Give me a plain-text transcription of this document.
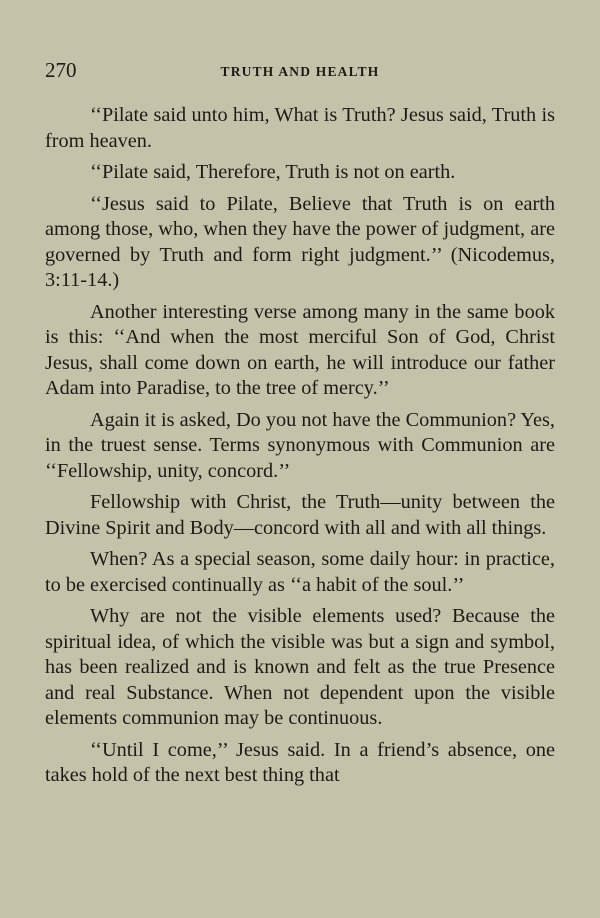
270	TRUTH AND HEALTH

‘‘Pilate said unto him, What is Truth? Jesus said, Truth is from heaven.

‘‘Pilate said, Therefore, Truth is not on earth.

‘‘Jesus said to Pilate, Believe that Truth is on earth among those, who, when they have the power of judgment, are governed by Truth and form right judgment.’’ (Nicodemus, 3:11-14.)

Another interesting verse among many in the same book is this: ‘‘And when the most merciful Son of God, Christ Jesus, shall come down on earth, he will introduce our father Adam into Paradise, to the tree of mercy.’’

Again it is asked, Do you not have the Communion? Yes, in the truest sense. Terms synonymous with Communion are ‘‘Fellowship, unity, concord.’’

Fellowship with Christ, the Truth—unity between the Divine Spirit and Body—concord with all and with all things.

When? As a special season, some daily hour: in practice, to be exercised continually as ‘‘a habit of the soul.’’

Why are not the visible elements used? Because the spiritual idea, of which the visible was but a sign and symbol, has been realized and is known and felt as the true Presence and real Substance. When not dependent upon the visible elements communion may be continuous.

‘‘Until I come,’’ Jesus said. In a friend’s absence, one takes hold of the next best thing that
